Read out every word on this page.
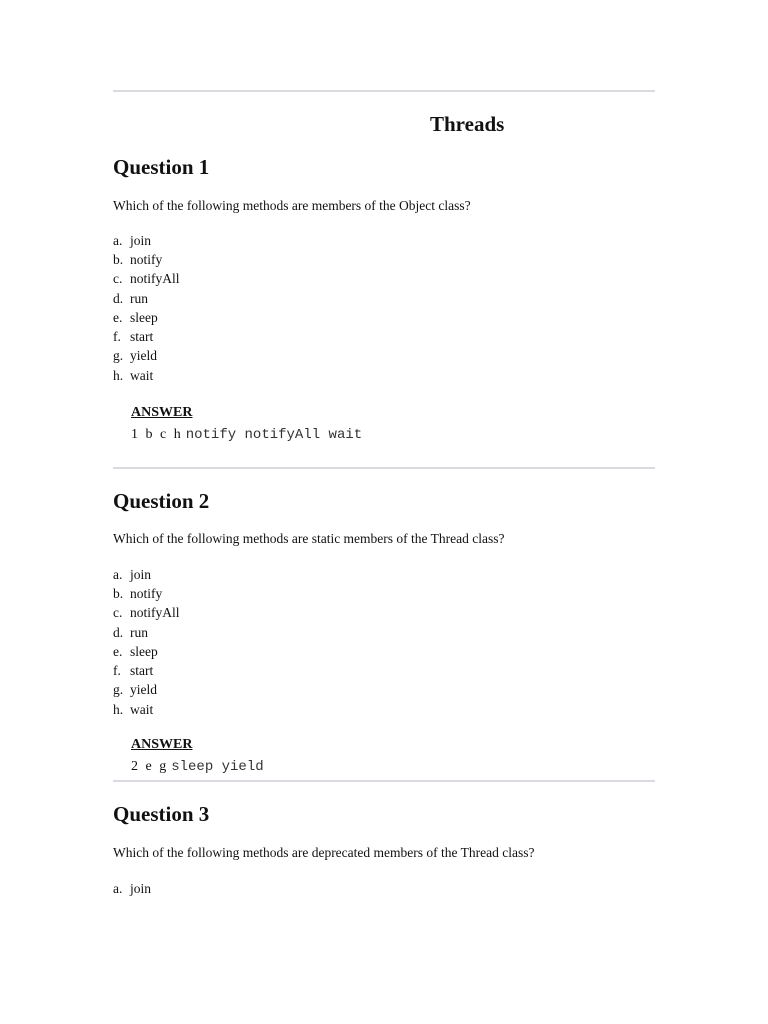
Threads
Question 1
Which of the following methods are members of the Object class?
a. join
b. notify
c. notifyAll
d. run
e. sleep
f. start
g. yield
h. wait
ANSWER
1 b c h notify notifyAll wait
Question 2
Which of the following methods are static members of the Thread class?
a. join
b. notify
c. notifyAll
d. run
e. sleep
f. start
g. yield
h. wait
ANSWER
2 e g sleep yield
Question 3
Which of the following methods are deprecated members of the Thread class?
a. join
